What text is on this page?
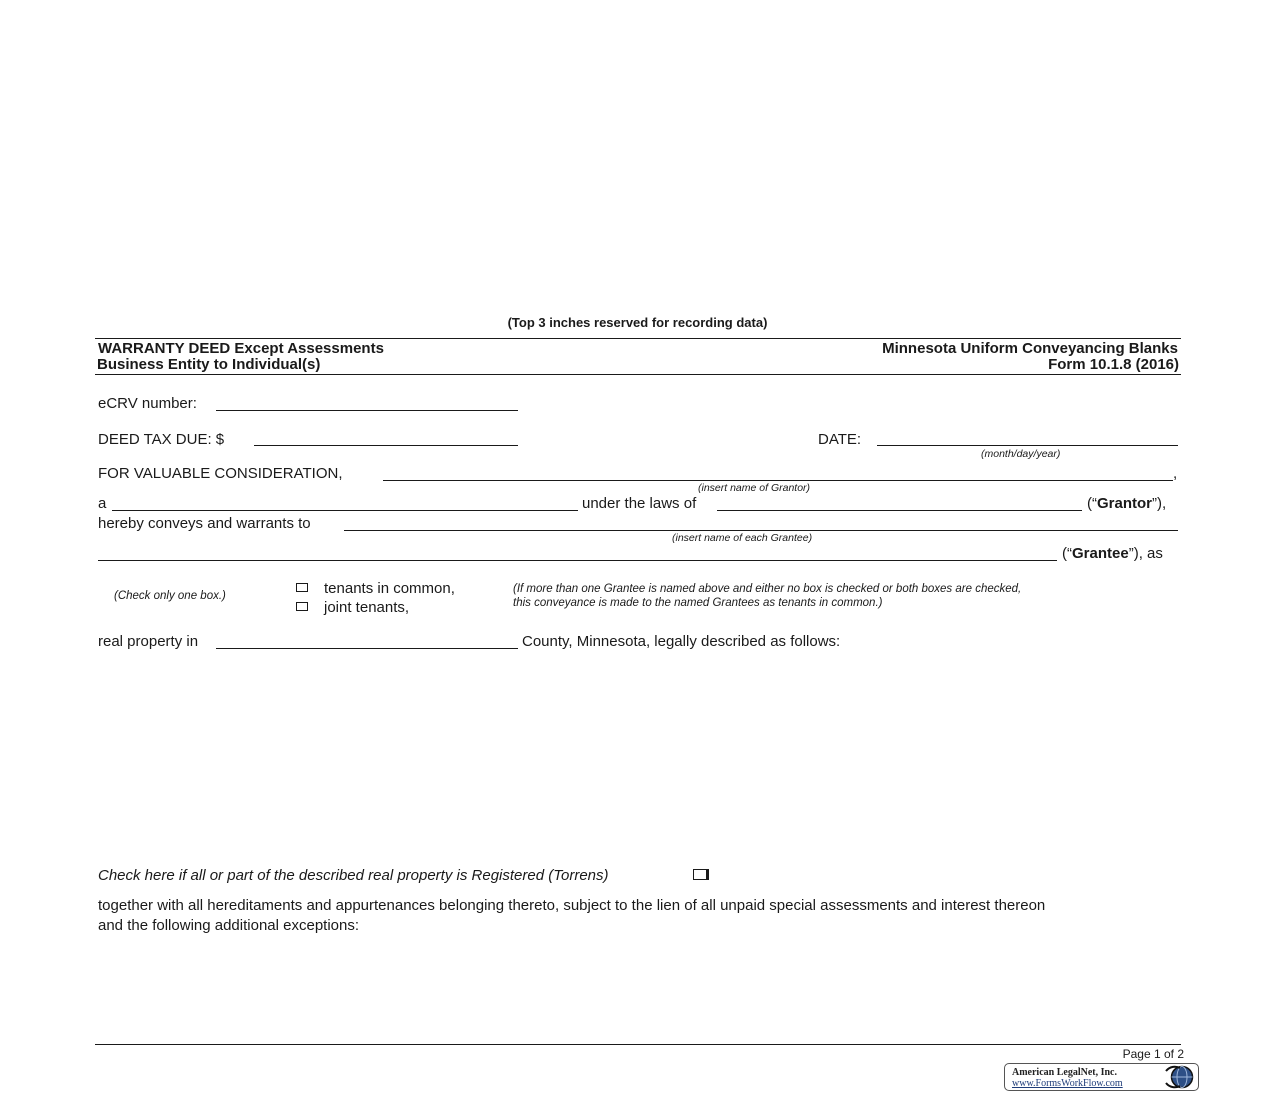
(Top 3 inches reserved for recording data)
WARRANTY DEED Except Assessments
Business Entity to Individual(s)
Minnesota Uniform Conveyancing Blanks
Form 10.1.8 (2016)
eCRV number:
DEED TAX DUE: $	DATE:
(month/day/year)
FOR VALUABLE CONSIDERATION,	,
(insert name of Grantor)
a	under the laws of	(“Grantor”),
hereby conveys and warrants to
(insert name of each Grantee)
(“Grantee”), as
(Check only one box.)	tenants in common,
joint tenants,
(If more than one Grantee is named above and either no box is checked or both boxes are checked,
this conveyance is made to the named Grantees as tenants in common.)
real property in	County, Minnesota, legally described as follows:
Check here if all or part of the described real property is Registered (Torrens)
together with all hereditaments and appurtenances belonging thereto, subject to the lien of all unpaid special assessments and interest thereon
and the following additional exceptions:
Page 1 of 2
American LegalNet, Inc.
www.FormsWorkFlow.com
